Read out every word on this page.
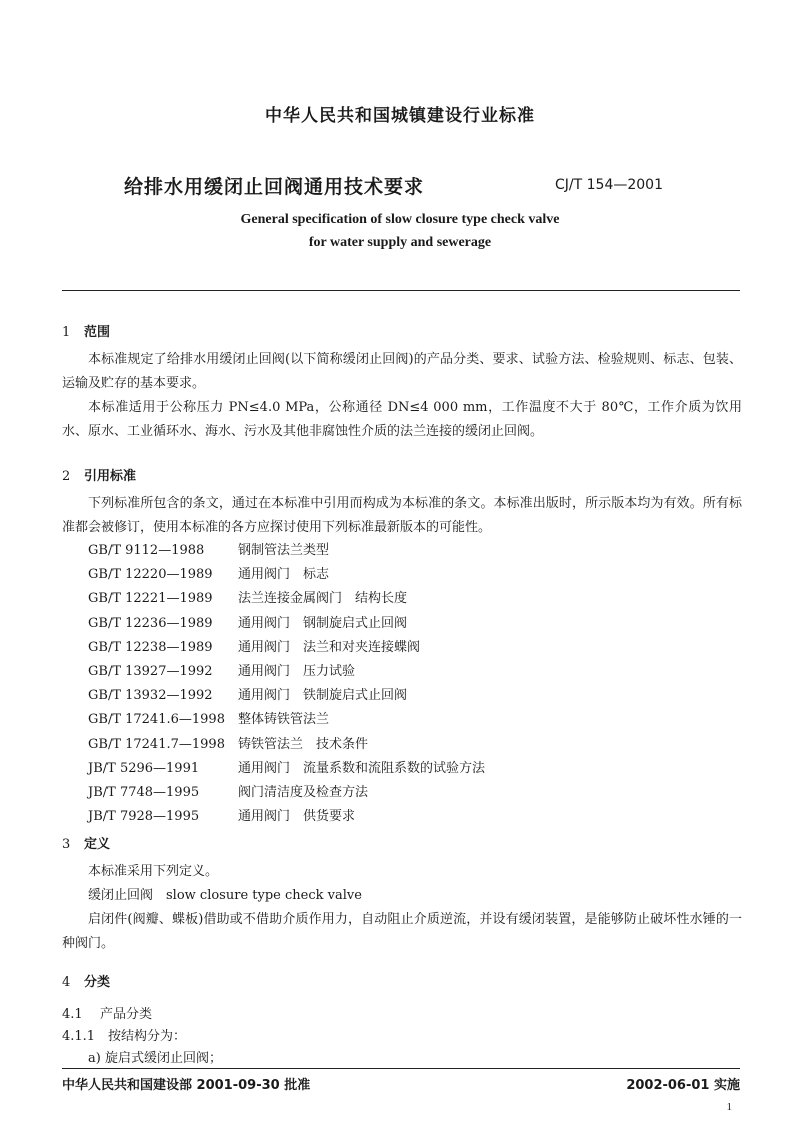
中华人民共和国城镇建设行业标准
给排水用缓闭止回阀通用技术要求	CJ/T 154—2001
General specification of slow closure type check valve
for water supply and sewerage
1 范围

本标准规定了给排水用缓闭止回阀(以下简称缓闭止回阀)的产品分类、要求、试验方法、检验规则、标志、包装、运输及贮存的基本要求。

本标准适用于公称压力 PN≤4.0 MPa，公称通径 DN≤4 000 mm，工作温度不大于 80℃，工作介质为饮用水、原水、工业循环水、海水、污水及其他非腐蚀性介质的法兰连接的缓闭止回阀。

2 引用标准

下列标准所包含的条文，通过在本标准中引用而构成为本标准的条文。本标准出版时，所示版本均为有效。所有标准都会被修订，使用本标准的各方应探讨使用下列标准最新版本的可能性。

GB/T 9112—1988	钢制管法兰类型
GB/T 12220—1989 通用阀门　标志
GB/T 12221—1989 法兰连接金属阀门　结构长度
GB/T 12236—1989 通用阀门　钢制旋启式止回阀
GB/T 12238—1989 通用阀门　法兰和对夹连接蝶阀
GB/T 13927—1992 通用阀门　压力试验
GB/T 13932—1992 通用阀门　铁制旋启式止回阀
GB/T 17241.6—1998 整体铸铁管法兰
GB/T 17241.7—1998 铸铁管法兰　技术条件
JB/T 5296—1991	通用阀门　流量系数和流阻系数的试验方法
JB/T 7748—1995	阀门清洁度及检查方法
JB/T 7928—1995	通用阀门　供货要求
3 定义

本标准采用下列定义。

缓闭止回阀　slow closure type check valve

启闭件(阀瓣、蝶板)借助或不借助介质作用力，自动阻止介质逆流，并设有缓闭装置，是能够防止破坏性水锤的一种阀门。

4 分类
4.1 产品分类
4.1.1 按结构分为：
a) 旋启式缓闭止回阀；
中华人民共和国建设部 2001-09-30 批准	2002-06-01 实施
1
